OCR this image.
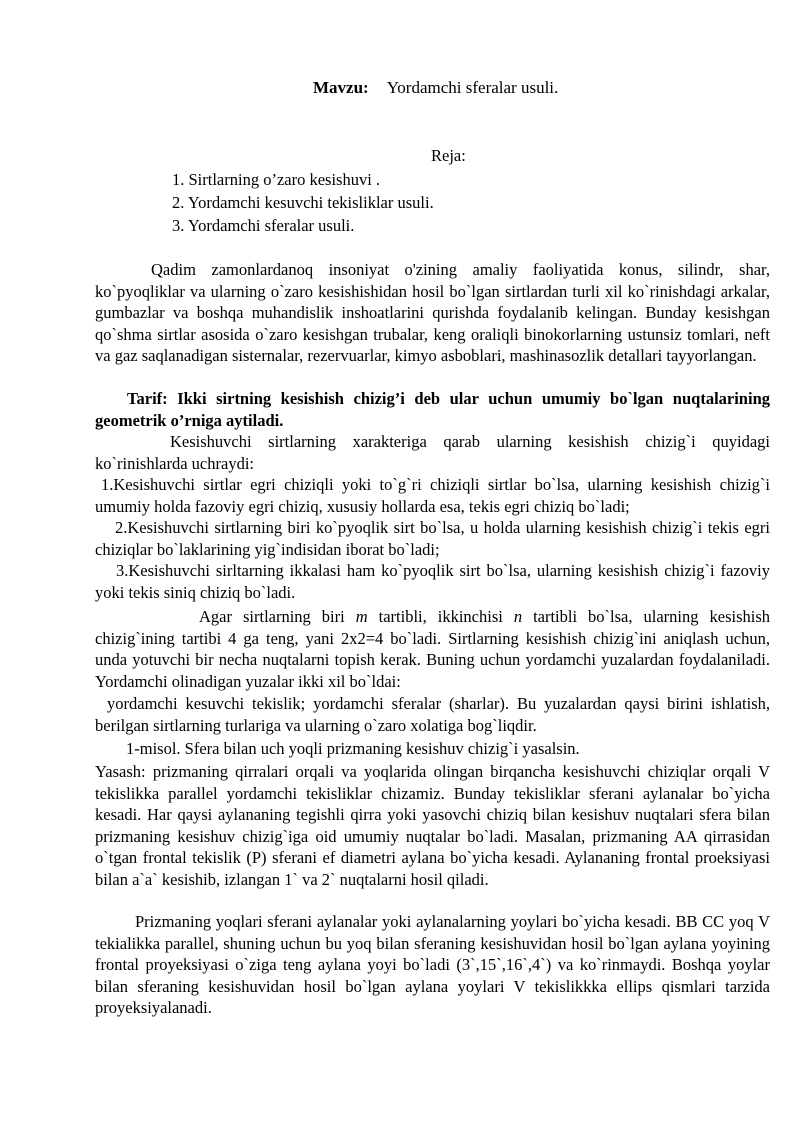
Mavzu: Yordamchi sferalar usuli.
Reja:
1. Sirtlarning o’zaro kesishuvi .
2. Yordamchi kesuvchi tekisliklar usuli.
3. Yordamchi sferalar usuli.

Qadim zamonlardanoq insoniyat o'zining amaliy faoliyatida konus, silindr, shar, ko`pyoqliklar va ularning o`zaro kesishishidan hosil bo`lgan sirtlardan turli xil ko`rinishdagi arkalar, gumbazlar va boshqa muhandislik inshoatlarini qurishda foydalanib kelingan. Bunday kesishgan qo`shma sirtlar asosida o`zaro kesishgan trubalar, keng oraliqli binokorlarning ustunsiz tomlari, neft va gaz saqlanadigan sisternalar, rezervuarlar, kimyo asboblari, mashinasozlik detallari tayyorlangan.

Tarif: Ikki sirtning kesishish chizig’i deb ular uchun umumiy bo`lgan nuqtalarining geometrik o’rniga aytiladi.

Kesishuvchi sirtlarning xarakteriga qarab ularning kesishish chizig`i quyidagi ko`rinishlarda uchraydi:

1.Kesishuvchi sirtlar egri chiziqli yoki to`g`ri chiziqli sirtlar bo`lsa, ularning kesishish chizig`i umumiy holda fazoviy egri chiziq, xususiy hollarda esa, tekis egri chiziq bo`ladi;

2.Kesishuvchi sirtlarning biri ko`pyoqlik sirt bo`lsa, u holda ularning kesishish chizig`i tekis egri chiziqlar bo`laklarining yig`indisidan iborat bo`ladi;

3.Kesishuvchi sirltarning ikkalasi ham ko`pyoqlik sirt bo`lsa, ularning kesishish chizig`i fazoviy yoki tekis siniq chiziq bo`ladi.

Agar sirtlarning biri m tartibli, ikkinchisi n tartibli bo`lsa, ularning kesishish chizig`ining tartibi 4 ga teng, yani 2x2=4 bo`ladi. Sirtlarning kesishish chizig`ini aniqlash uchun, unda yotuvchi bir necha nuqtalarni topish kerak. Buning uchun yordamchi yuzalardan foydalaniladi. Yordamchi olinadigan yuzalar ikki xil bo`ldai:

yordamchi kesuvchi tekislik; yordamchi sferalar (sharlar). Bu yuzalardan qaysi birini ishlatish, berilgan sirtlarning turlariga va ularning o`zaro xolatiga bog`liqdir.

1-misol. Sfera bilan uch yoqli prizmaning kesishuv chizig`i yasalsin.

Yasash: prizmaning qirralari orqali va yoqlarida olingan birqancha kesishuvchi chiziqlar orqali V tekislikka parallel yordamchi tekisliklar chizamiz. Bunday tekisliklar sferani aylanalar bo`yicha kesadi. Har qaysi aylananing tegishli qirra yoki yasovchi chiziq bilan kesishuv nuqtalari sfera bilan prizmaning kesishuv chizig`iga oid umumiy nuqtalar bo`ladi. Masalan, prizmaning AA qirrasidan o`tgan frontal tekislik (P) sferani ef diametri aylana bo`yicha kesadi. Aylananing frontal proeksiyasi bilan a`a` kesishib, izlangan 1` va 2` nuqtalarni hosil qiladi.

Prizmaning yoqlari sferani aylanalar yoki aylanalarning yoylari bo`yicha kesadi. BB CC yoq V tekialikka parallel, shuning uchun bu yoq bilan sferaning kesishuvidan hosil bo`lgan aylana yoyining frontal proyeksiyasi o`ziga teng aylana yoyi bo`ladi (3`,15`,16`,4`) va ko`rinmaydi. Boshqa yoylar bilan sferaning kesishuvidan hosil bo`lgan aylana yoylari V tekislikkka ellips qismlari tarzida proyeksiyalanadi.
